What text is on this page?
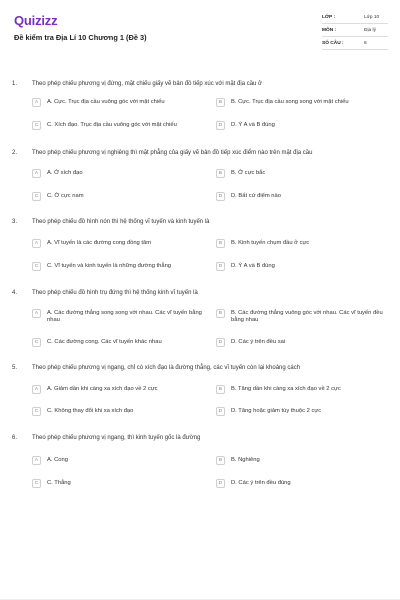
Quizizz
Đề kiểm tra Địa Lí 10 Chương 1 (Đề 3)
LỚP :	Lớp 10
MÔN :	Địa lý
SỐ CÂU :	6
1.	Theo phép chiếu phương vị đứng, mặt chiếu giấy vẽ bản đồ tiếp xúc với mặt địa cầu ở
A	A. Cực. Trục địa cầu vuông góc với mặt chiếu	B	B. Cực. Trục địa cầu song song với mặt chiếu
C	C. Xích đạo. Trục địa cầu vuông góc với mặt chiếu	D	D. Ý A và B đúng
2.	Theo phép chiếu phương vị nghiêng thì mặt phẳng của giấy vẽ bản đồ tiếp xúc điểm nào trên mặt địa cầu
A	A. Ở xích đạo	B	B. Ở cực bắc
C	C. Ở cực nam	D	D. Bất cứ điểm nào
3.	Theo phép chiếu đồ hình nón thì hệ thống vĩ tuyến và kinh tuyến là
A	A. Vĩ tuyến là các đường cong đồng tâm	B	B. Kinh tuyến chụm đầu ở cực
C	C. Vĩ tuyến và kinh tuyến là những đường thẳng	D	D. Ý A và B đúng
4.	Theo phép chiếu đồ hình trụ đứng thì hệ thống kinh vĩ tuyến là
A	A. Các đường thẳng song song với nhau. Các vĩ tuyến bằng nhau
B	B. Các đường thẳng vuông góc với nhau. Các vĩ tuyến đều bằng nhau
C	C. Các đường cong. Các vĩ tuyến khác nhau	D	D. Các ý trên đều sai
5.	Theo phép chiếu phương vị ngang, chỉ có xích đạo là đường thẳng, các vĩ tuyến còn lại khoảng cách
A	A. Giảm dần khi càng xa xích đạo về 2 cực	B	B. Tăng dần khi càng xa xích đạo về 2 cực
C	C. Không thay đổi khi xa xích đạo	D	D. Tăng hoặc giảm tùy thuộc 2 cực
6.	Theo phép chiếu phương vị ngang, thì kinh tuyến gốc là đường
A	A. Cong	B	B. Nghiêng
C	C. Thẳng	D	D. Các ý trên đều đúng
